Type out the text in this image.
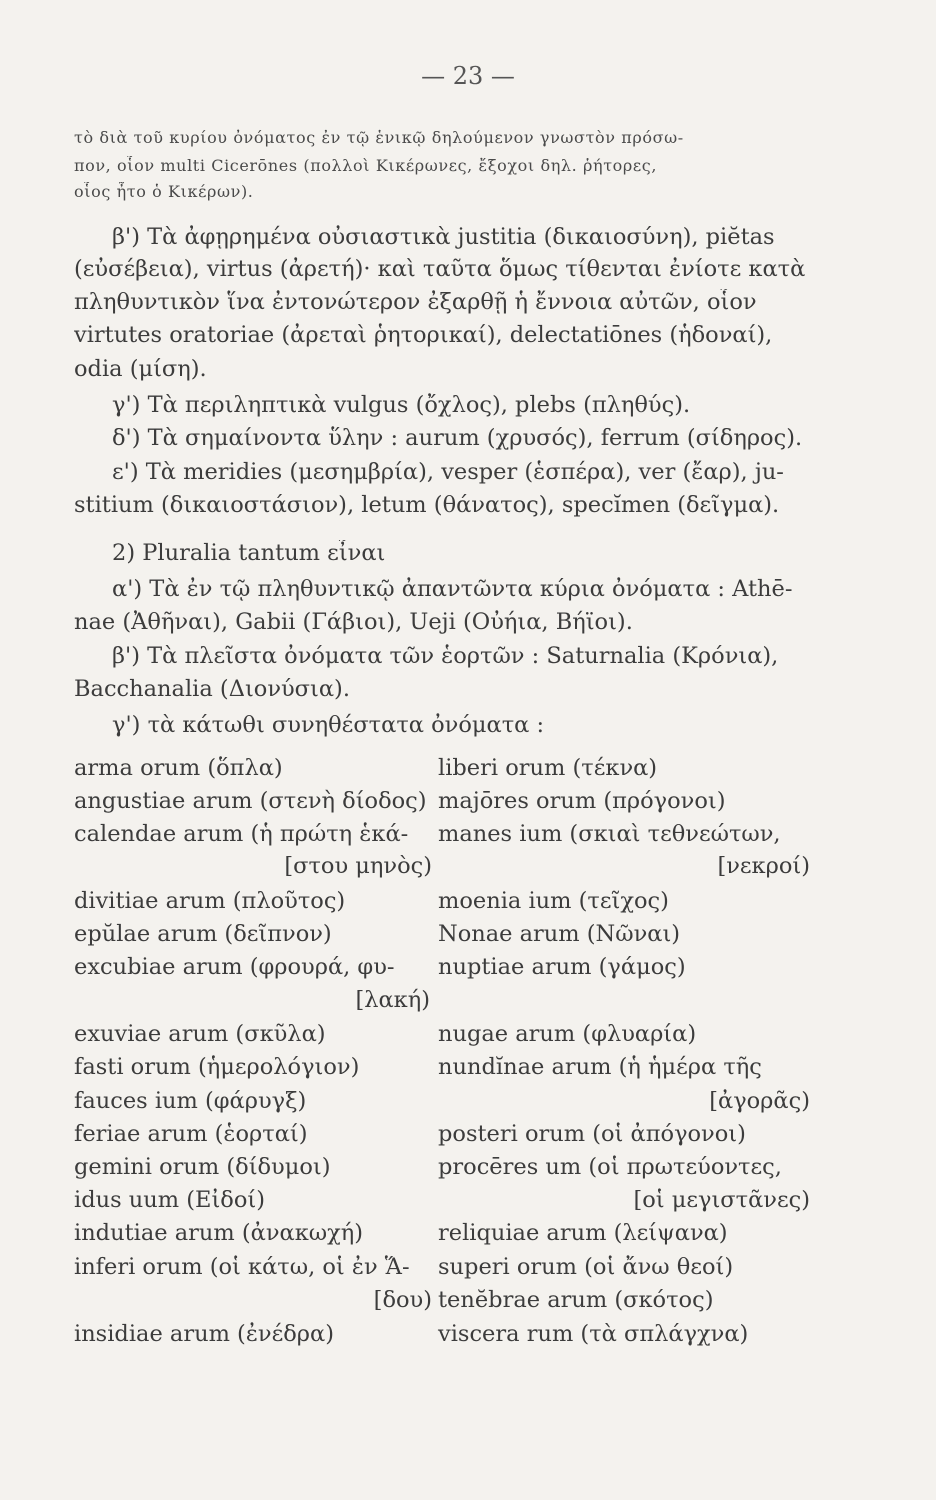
— 23 —
τὸ διὰ τοῦ κυρίου ὀνόματος ἐν τῷ ἑνικῷ δηλούμενον γνωστὸν πρόσω-
πον, οἷον multi Cicerōnes (πολλοὶ Κικέρωνες, ἔξοχοι δηλ. ῥήτορες,
οἷος ἦτο ὁ Κικέρων).
β') Τὰ ἀφῃρημένα οὐσιαστικὰ justitia (δικαιοσύνη), piĕtas
(εὐσέβεια), virtus (ἀρετή)· καὶ ταῦτα ὅμως τίθενται ἐνίοτε κατὰ
πληθυντικὸν ἵνα ἐντονώτερον ἐξαρθῇ ἡ ἔννοια αὐτῶν, οἷον
virtutes oratoriae (ἀρεταὶ ῥητορικαί), delectatiōnes (ἡδοναί),
odia (μίση).
γ') Τὰ περιληπτικὰ vulgus (ὄχλος), plebs (πληθύς).
δ') Τὰ σημαίνοντα ὕλην : aurum (χρυσός), ferrum (σίδηρος).
ε') Τὰ meridies (μεσημβρία), vesper (ἑσπέρα), ver (ἔαρ), ju-
stitium (δικαιοστάσιον), letum (θάνατος), specĭmen (δεῖγμα).
2) Pluralia tantum εἶναι
α') Τὰ ἐν τῷ πληθυντικῷ ἀπαντῶντα κύρια ὀνόματα : Athē-
nae (Ἀθῆναι), Gabii (Γάβιοι), Ueji (Οὐήια, Βήϊοι).
β') Τὰ πλεῖστα ὀνόματα τῶν ἑορτῶν : Saturnalia (Κρόνια),
Bacchanalia (Διονύσια).
γ') τὰ κάτωθι συνηθέστατα ὀνόματα :
arma orum (ὅπλα)
angustiae arum (στενὴ δίοδος)
calendae arum (ἡ πρώτη ἑκά-
[στου μηνὸς)
divitiae arum (πλοῦτος)
epŭlae arum (δεῖπνον)
excubiae arum (φρουρά, φυ-
[λακή)
exuviae arum (σκῦλα)
fasti orum (ἡμερολόγιον)
fauces ium (φάρυγξ)
feriae arum (ἑορταί)
gemini orum (δίδυμοι)
idus uum (Εἰδοί)
indutiae arum (ἀνακωχή)
inferi orum (οἱ κάτω, οἱ ἐν Ἅ-
[δου)
insidiae arum (ἐνέδρα)
liberi orum (τέκνα)
majōres orum (πρόγονοι)
manes ium (σκιαὶ τεθνεώτων,
[νεκροί)
moenia ium (τεῖχος)
Nonae arum (Νῶναι)
nuptiae arum (γάμος)
nugae arum (φλυαρία)
nundĭnae arum (ἡ ἡμέρα τῆς
[ἀγορᾶς)
posteri orum (οἱ ἀπόγονοι)
procēres um (οἱ πρωτεύοντες,
[οἱ μεγιστᾶνες)
reliquiae arum (λείψανα)
superi orum (οἱ ἄνω θεοί)
tenĕbrae arum (σκότος)
viscera rum (τὰ σπλάγχνα)
